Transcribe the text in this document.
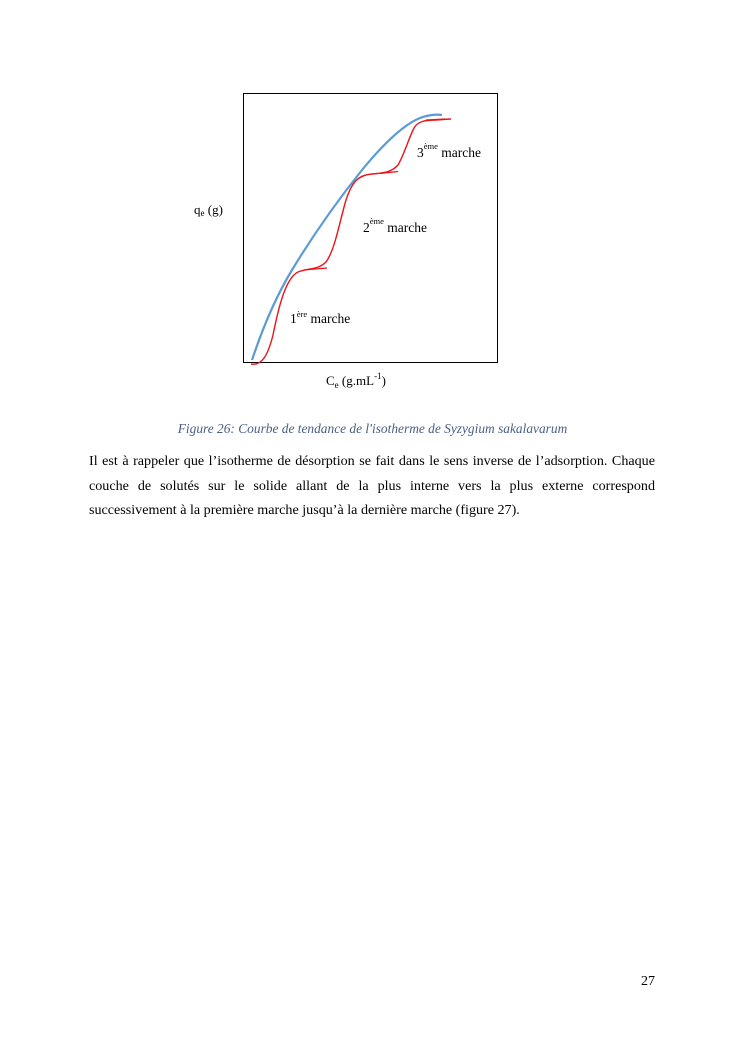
1ère marche
2ème marche
3ème marche
qe (g)
$C_e$ $(g.mL^{-1})$
Figure 26: Courbe de tendance de l'isotherme de Syzygium sakalavarum

Il est à rappeler que l’isotherme de désorption se fait dans le sens inverse de l’adsorption. Chaque couche de solutés sur le solide allant de la plus interne vers la plus externe correspond successivement à la première marche jusqu’à la dernière marche (figure 27).

27
